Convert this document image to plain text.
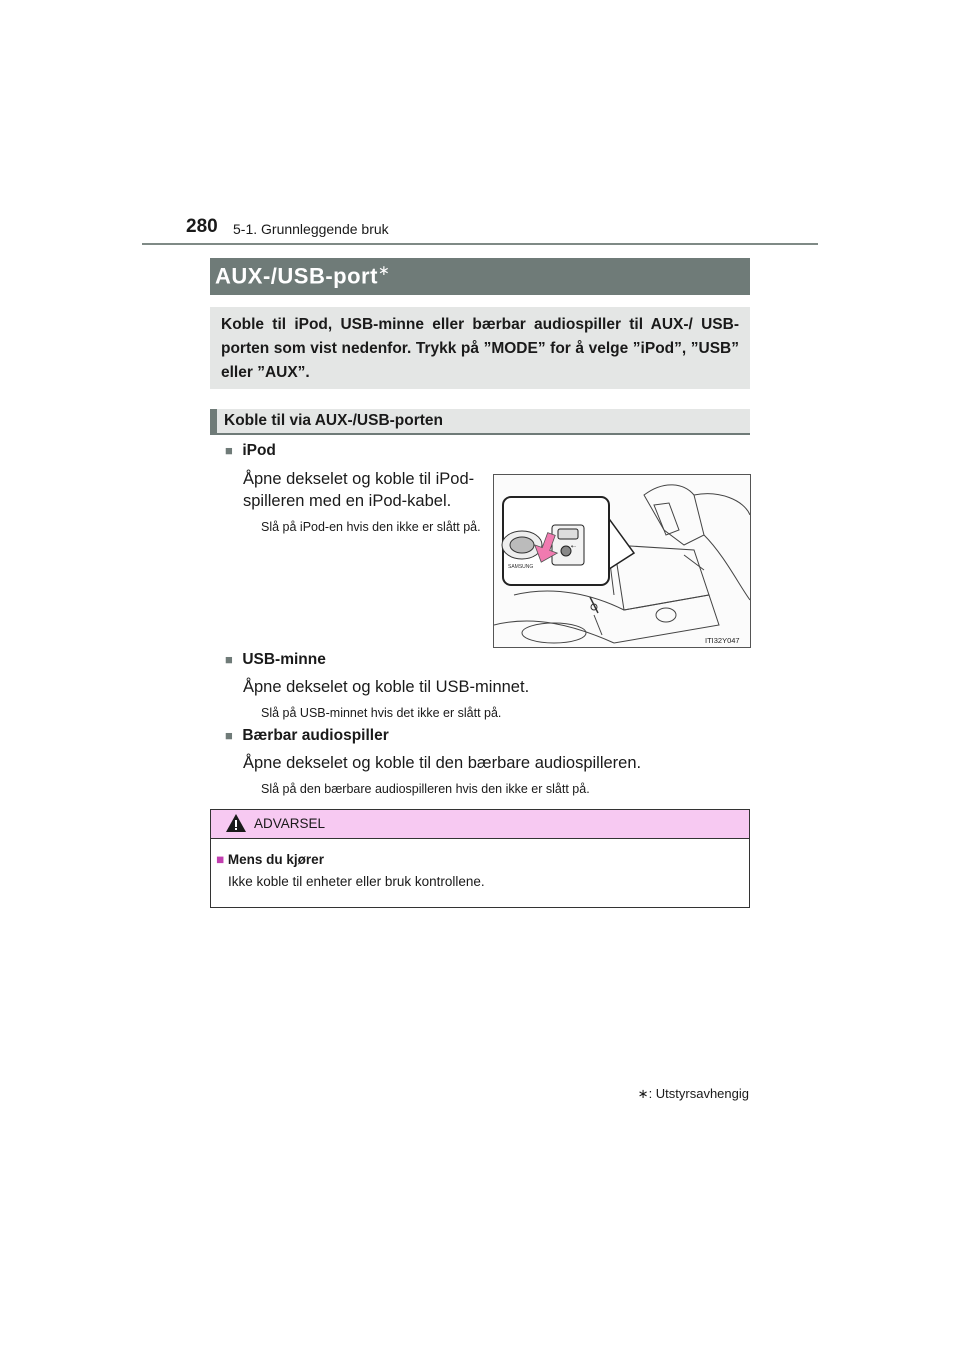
280 5-1. Grunnleggende bruk
AUX-/USB-port∗
Koble til iPod, USB-minne eller bærbar audiospiller til AUX-/ USB-porten som vist nedenfor. Trykk på ”MODE” for å velge ”iPod”, ”USB” eller ”AUX”.
Koble til via AUX-/USB-porten
■ iPod
Åpne dekselet og koble til iPod-spilleren med en iPod-kabel.
Slå på iPod-en hvis den ikke er slått på.
SAMSUNG
⇠
ITI32Y047
■ USB-minne
Åpne dekselet og koble til USB-minnet.
Slå på USB-minnet hvis det ikke er slått på.
■ Bærbar audiospiller
Åpne dekselet og koble til den bærbare audiospilleren.
Slå på den bærbare audiospilleren hvis den ikke er slått på.
ADVARSEL
■ Mens du kjører
Ikke koble til enheter eller bruk kontrollene.
∗: Utstyrsavhengig
